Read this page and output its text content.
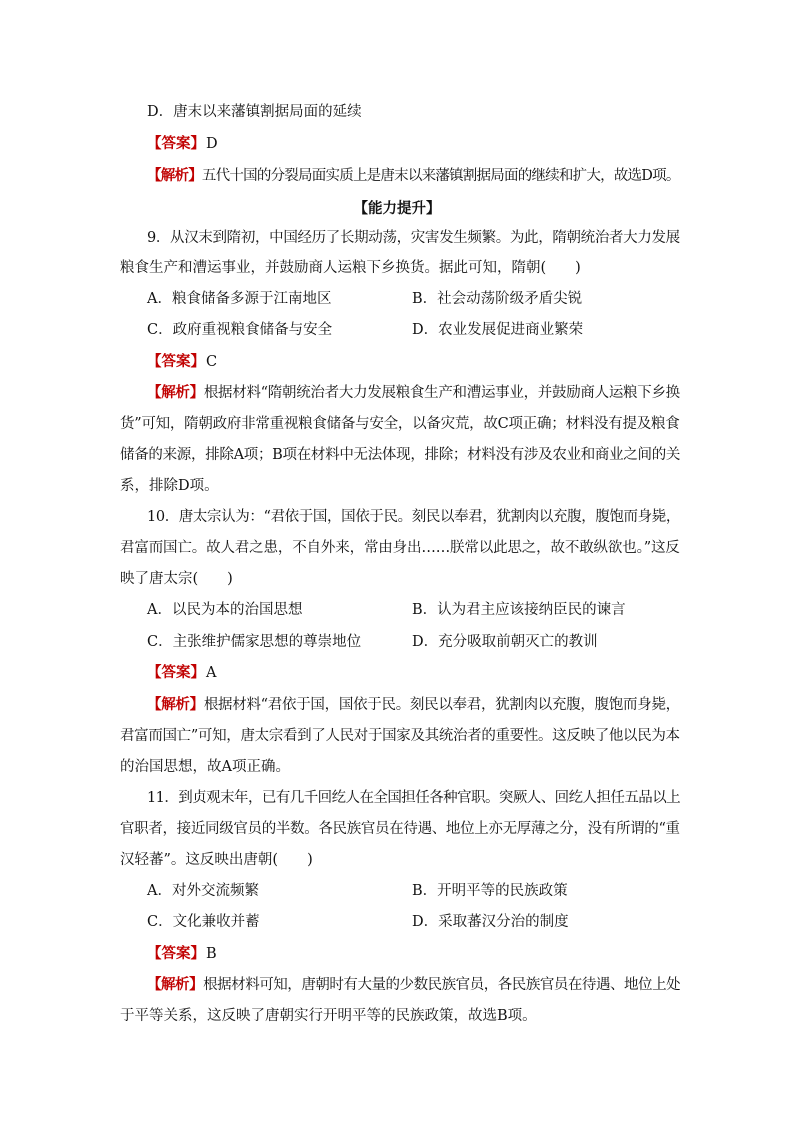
D．唐末以来藩镇割据局面的延续
【答案】D
【解析】五代十国的分裂局面实质上是唐末以来藩镇割据局面的继续和扩大，故选D项。
【能力提升】
9．从汉末到隋初，中国经历了长期动荡，灾害发生频繁。为此，隋朝统治者大力发展
粮食生产和漕运事业，并鼓励商人运粮下乡换货。据此可知，隋朝(　　)
A．粮食储备多源于江南地区	B．社会动荡阶级矛盾尖锐
C．政府重视粮食储备与安全	D．农业发展促进商业繁荣
【答案】C
【解析】根据材料“隋朝统治者大力发展粮食生产和漕运事业，并鼓励商人运粮下乡换
货”可知，隋朝政府非常重视粮食储备与安全，以备灾荒，故C项正确；材料没有提及粮食
储备的来源，排除A项；B项在材料中无法体现，排除；材料没有涉及农业和商业之间的关
系，排除D项。
10．唐太宗认为：“君依于国，国依于民。刻民以奉君，犹割肉以充腹，腹饱而身毙，
君富而国亡。故人君之患，不自外来，常由身出……朕常以此思之，故不敢纵欲也。”这反
映了唐太宗(　　)
A．以民为本的治国思想	B．认为君主应该接纳臣民的谏言
C．主张维护儒家思想的尊崇地位	D．充分吸取前朝灭亡的教训
【答案】A
【解析】根据材料“君依于国，国依于民。刻民以奉君，犹割肉以充腹，腹饱而身毙，
君富而国亡”可知，唐太宗看到了人民对于国家及其统治者的重要性。这反映了他以民为本
的治国思想，故A项正确。
11．到贞观末年，已有几千回纥人在全国担任各种官职。突厥人、回纥人担任五品以上
官职者，接近同级官员的半数。各民族官员在待遇、地位上亦无厚薄之分，没有所谓的“重
汉轻蕃”。这反映出唐朝(　　)
A．对外交流频繁	B．开明平等的民族政策
C．文化兼收并蓄	D．采取蕃汉分治的制度
【答案】B
【解析】根据材料可知，唐朝时有大量的少数民族官员，各民族官员在待遇、地位上处
于平等关系，这反映了唐朝实行开明平等的民族政策，故选B项。
